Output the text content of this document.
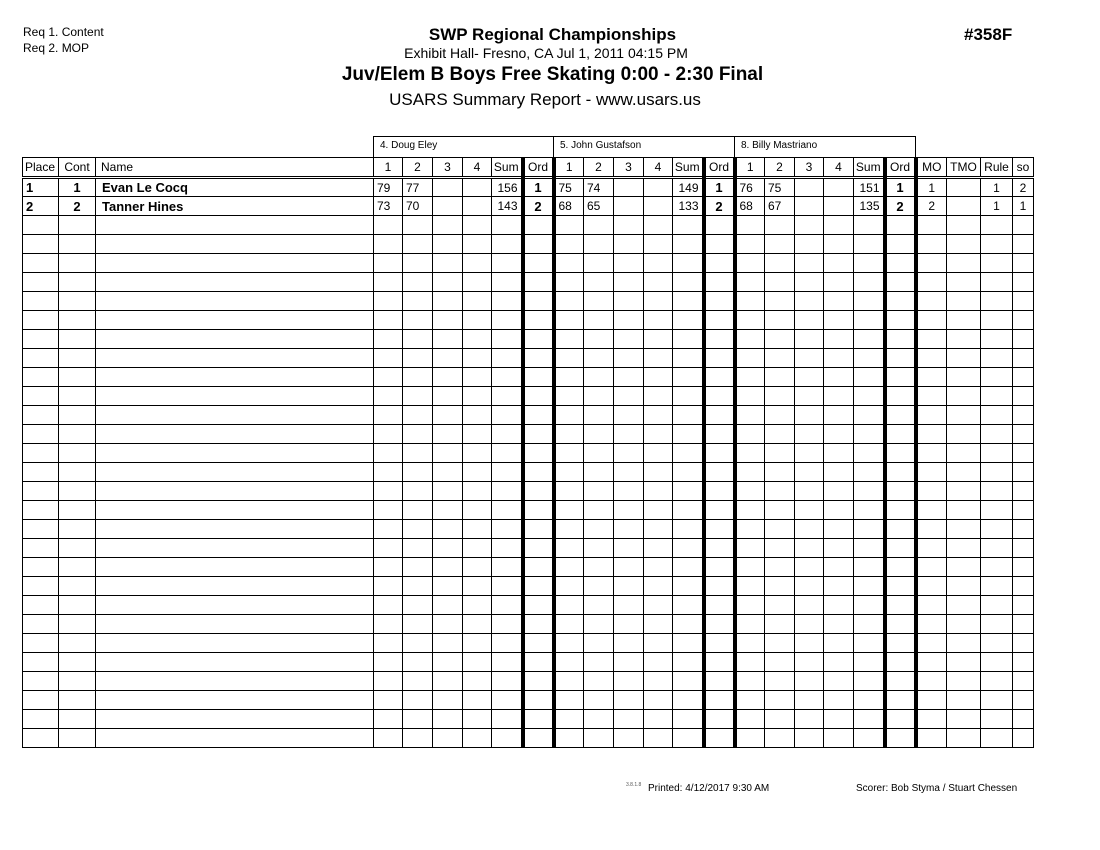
Req 1. Content
Req 2. MOP
SWP Regional Championships
Exhibit Hall- Fresno, CA Jul 1, 2011 04:15 PM
Juv/Elem B Boys Free Skating 0:00 - 2:30 Final
USARS Summary Report - www.usars.us
#358F
4. Doug Eley	5. John Gustafson	8. Billy Mastriano
Place	Cont	Name	1	2	3	4	Sum	Ord	1	2	3	4	Sum	Ord	1	2	3	4	Sum	Ord	MO	TMO	Rule	so
1	1	Evan Le Cocq	79	77			156	1	75	74			149	1	76	75			151	1	1		1	2
2	2	Tanner Hines	73	70			143	2	68	65			133	2	68	67			135	2	2		1	1

3.8.1.8 Printed: 4/12/2017 9:30 AM	Scorer: Bob Styma / Stuart Chessen
